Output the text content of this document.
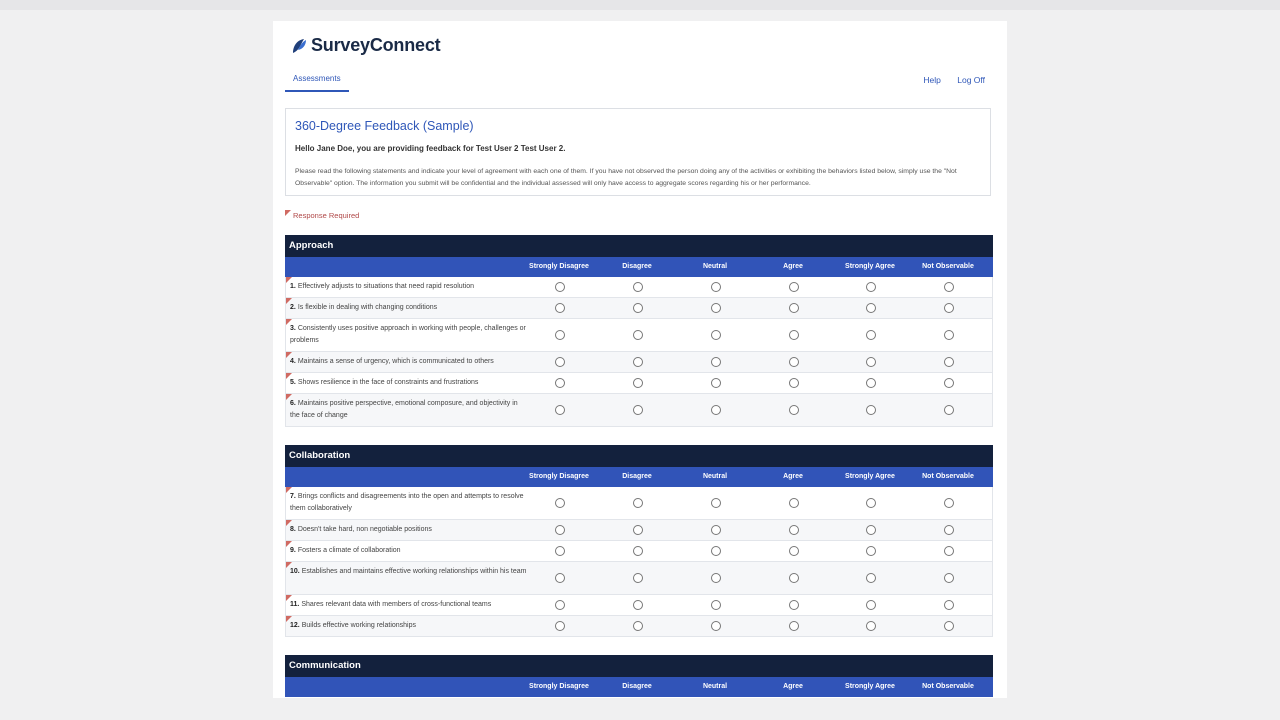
SurveyConnect
Assessments	Help Log Off
360-Degree Feedback (Sample)
Hello Jane Doe, you are providing feedback for Test User 2 Test User 2.
Please read the following statements and indicate your level of agreement with each one of them. If you have not observed the person doing any of the activities or exhibiting the behaviors listed below, simply use the "Not Observable" option. The information you submit will be confidential and the individual assessed will only have access to aggregate scores regarding his or her performance.
Response Required
Approach
Strongly Disagree	Disagree	Neutral	Agree	Strongly Agree	Not Observable
1. Effectively adjusts to situations that need rapid resolution
2. Is flexible in dealing with changing conditions
3. Consistently uses positive approach in working with people, challenges or problems
4. Maintains a sense of urgency, which is communicated to others
5. Shows resilience in the face of constraints and frustrations
6. Maintains positive perspective, emotional composure, and objectivity in the face of change
Collaboration
Strongly Disagree	Disagree	Neutral	Agree	Strongly Agree	Not Observable
7. Brings conflicts and disagreements into the open and attempts to resolve them collaboratively
8. Doesn't take hard, non negotiable positions
9. Fosters a climate of collaboration
10. Establishes and maintains effective working relationships within his team
11. Shares relevant data with members of cross-functional teams
12. Builds effective working relationships
Communication
Strongly Disagree	Disagree	Neutral	Agree	Strongly Agree	Not Observable
